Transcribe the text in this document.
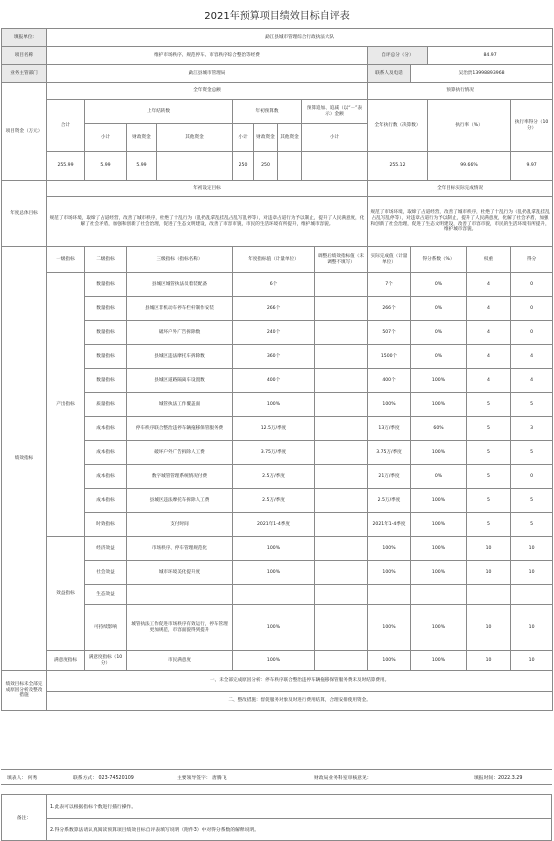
2021年预算项目绩效目标自评表
填报单位:	勐江县城市管理综合行政执法大队													
项目名称	维护市场秩序、规范停车、市容秩序综合整治等经费									自评总分（分）		84.97		
业务主管部门	勐江县城市管理局									联系人及电话	吴治贵13998893968			
项目资金（万元）	全年资金总额									预算执行情况				
	合计	上年结转数			年初预算数			预算追加、追减（以“－”表示）金额		全年执行数（决算数）		执行率（%）		执行率得分（10分）
		小计	财政资金	其他资金	小计	财政资金	其他资金	小计						
	255.99	5.99	5.99		250	250				255.12		99.66%		9.97
年度总体目标	年初设定目标									全年目标实际完成情况				
	规范了市场环境，取缔了占道经营，改善了城市秩序，杜绝了十乱行为（乱扔乱拿乱挂乱占乱写乱停等），对违章占道行为予以制止，提升了人民满意度，化解了社会矛盾，加强和创新了社会治理，促进了生态文明建设，改善了市容市貌，市民的生活环境有所提升，维护城市容貌。									规范了市场环境，取缔了占道经营，改善了城市秩序，杜绝了十乱行为（乱扔乱拿乱挂乱占乱写乱停等），对违章占道行为予以制止，提升了人民满意度，化解了社会矛盾，加强和创新了社会治理，促进了生态文明建设，改善了市容市貌，市民的生活环境有所提升，维护城市容貌。				
绩效指标	一级指标	二级指标	三级指标（指标名称）		年度指标值（计量单位）				调整后绩效指标值（未调整不填写）	实际完成值（计量单位）	得分系数（%）		权重	得分
	产出指标	数量指标	县城区城管执法员着装配备		6个					7个	0%		4	0
		数量指标	县城区非机动车停车栏杆制作安装		266个					266个	0%		4	0
		数量指标	破坏户外广告拆除数		240个					507个	0%		4	0
		数量指标	县城区违法摩托车拆除数		360个					1500个	0%		4	4
		数量指标	县城区道路隔离车设置数		400个					400个	100%		4	4
		质量指标	城管执法工作覆盖面		100%					100%	100%		5	5
		成本指标	停车秩序联合整治违停车辆拖移保管服务费		12.5万/季度					13万/季度	60%		5	3
		成本指标	破坏户外广告拆除人工费		3.75万/季度					3.75万/季度	100%		5	5
		成本指标	数字城管管理系统情况付费		2.5万/季度					21万/季度	0%		5	0
		成本指标	县城区违法摩托车拆除人工费		2.5万/季度					2.5万/季度	100%		5	5
		时效指标	支付时间		2021年1-4季度					2021年1-4季度	100%		5	5
	效益指标	经济效益	市场秩序、停车管理规范化		100%					100%	100%		10	10
		社会效益	城市环境美化提升度		100%					100%	100%		10	10
		生态效益												
		可持续影响	城管执法工作促进市场秩序有效运行，停车管理更加规范，市容面貌得到提升		100%					100%	100%		10	10
	满意度指标	满意度指标（10分）	市民满意度		100%					100%	100%		10	10
绩效目标未全部完成原因分析及整改措施	一、未全部完成原因分析：停车秩序联合整治违停车辆拖移保管服务费未及时结算费用。													
	二、整改措施：督促服务对象及时进行费用结算，合理安排使用资金。													
填表人： 何秀	联系方式： 023-74520109	主要领导签字： 唐腾飞	财政局业务科室审核意见：	填报时间：2022.3.29
备注：	1.此表可以根据指标个数进行插行操作。
2.得分系数算法请认真阅读预算项目绩效目标自评表填写说明（附件3）中对得分系数的解释说明。
